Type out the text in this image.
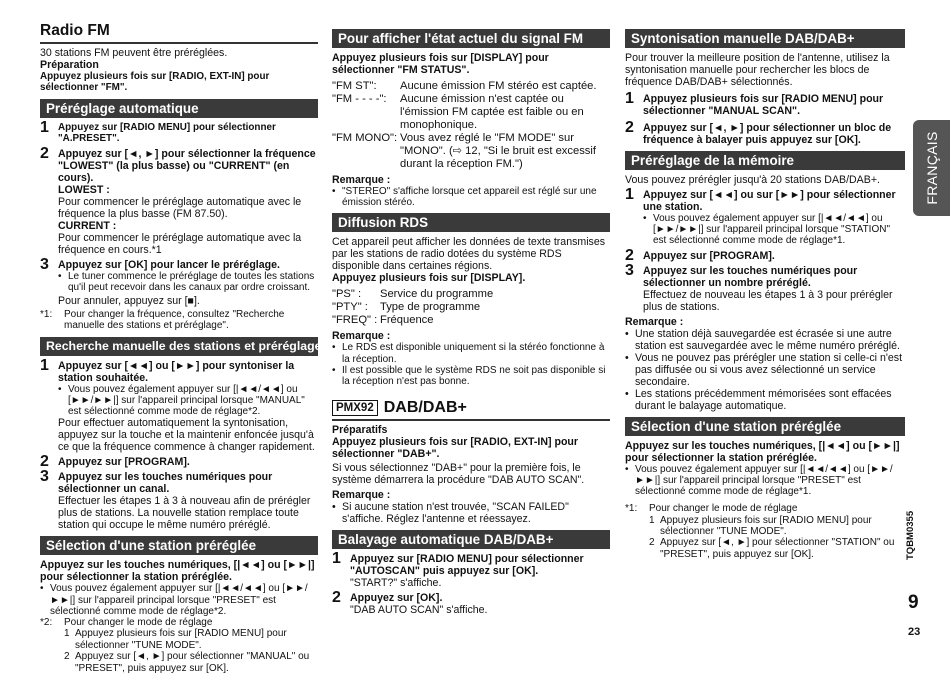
Radio FM

30 stations FM peuvent être préréglées.

Préparation

Appuyez plusieurs fois sur [RADIO, EXT-IN] pour sélectionner "FM".

Préréglage automatique
1 Appuyez sur [RADIO MENU] pour sélectionner "A.PRESET".

2 Appuyez sur [◄, ►] pour sélectionner la fréquence "LOWEST" (la plus basse) ou "CURRENT" (en cours).

LOWEST :

Pour commencer le préréglage automatique avec le fréquence la plus basse (FM 87.50).

CURRENT :

Pour commencer le préréglage automatique avec la fréquence en cours.*1

3 Appuyez sur [OK] pour lancer le préréglage.

• Le tuner commence le préréglage de toutes les stations qu'il peut recevoir dans les canaux par ordre croissant.

Pour annuler, appuyez sur [■].

*1: Pour changer la fréquence, consultez "Recherche manuelle des stations et préréglage".
Recherche manuelle des stations et préréglage
1 Appuyez sur [◄◄] ou [►►] pour syntoniser la station souhaitée.

• Vous pouvez également appuyer sur [|◄◄/◄◄] ou [►►/►►|] sur l'appareil principal lorsque "MANUAL" est sélectionné comme mode de réglage*2.

Pour effectuer automatiquement la syntonisation, appuyez sur la touche et la maintenir enfoncée jusqu'à ce que la fréquence commence à changer rapidement.

2 Appuyez sur [PROGRAM].

3 Appuyez sur les touches numériques pour sélectionner un canal.

Effectuer les étapes 1 à 3 à nouveau afin de prérégler plus de stations. La nouvelle station remplace toute station qui occupe le même numéro préréglé.

Sélection d'une station préréglée

Appuyez sur les touches numériques, [|◄◄] ou [►►|] pour sélectionner la station préréglée.

• Vous pouvez également appuyer sur [|◄◄/◄◄] ou [►►/►►|] sur l'appareil principal lorsque "PRESET" est sélectionné comme mode de réglage*2.
*2: Pour changer le mode de réglage
1 Appuyez plusieurs fois sur [RADIO MENU] pour sélectionner "TUNE MODE".
2 Appuyez sur [◄, ►] pour sélectionner "MANUAL" ou "PRESET", puis appuyez sur [OK].
Pour afficher l'état actuel du signal FM

Appuyez plusieurs fois sur [DISPLAY] pour sélectionner "FM STATUS".

"FM ST":	Aucune émission FM stéréo est captée.
"FM - - - -":	Aucune émission n'est captée ou l'émission FM captée est faible ou en monophonique.
"FM MONO": Vous avez réglé le "FM MODE" sur "MONO". (⇨ 12, "Si le bruit est excessif durant la réception FM.")

Remarque :

• "STEREO" s'affiche lorsque cet appareil est réglé sur une émission stéréo.
Diffusion RDS

Cet appareil peut afficher les données de texte transmises par les stations de radio dotées du système RDS disponible dans certaines régions.

Appuyez plusieurs fois sur [DISPLAY].

"PS" :	Service du programme
"PTY" :	Type de programme
"FREQ" : Fréquence

Remarque :

• Le RDS est disponible uniquement si la stéréo fonctionne à la réception.
• Il est possible que le système RDS ne soit pas disponible si la réception n'est pas bonne.
PMX92 DAB/DAB+

Préparatifs

Appuyez plusieurs fois sur [RADIO, EXT-IN] pour sélectionner "DAB+".

Si vous sélectionnez "DAB+" pour la première fois, le système démarrera la procédure "DAB AUTO SCAN".

Remarque :

• Si aucune station n'est trouvée, "SCAN FAILED" s'affiche. Réglez l'antenne et réessayez.
Balayage automatique DAB/DAB+
1 Appuyez sur [RADIO MENU] pour sélectionner "AUTOSCAN" puis appuyez sur [OK].

"START?" s'affiche.

2 Appuyez sur [OK].

"DAB AUTO SCAN" s'affiche.

Syntonisation manuelle DAB/DAB+

Pour trouver la meilleure position de l'antenne, utilisez la syntonisation manuelle pour rechercher les blocs de fréquence DAB/DAB+ sélectionnés.

1 Appuyez plusieurs fois sur [RADIO MENU] pour sélectionner "MANUAL SCAN".

2 Appuyez sur [◄, ►] pour sélectionner un bloc de fréquence à balayer puis appuyez sur [OK].

Préréglage de la mémoire

Vous pouvez prérégler jusqu'à 20 stations DAB/DAB+.

1 Appuyez sur [◄◄] ou sur [►►] pour sélectionner une station.

• Vous pouvez également appuyer sur [|◄◄/◄◄] ou [►►/►►|] sur l'appareil principal lorsque "STATION" est sélectionné comme mode de réglage*1.
2 Appuyez sur [PROGRAM].

3 Appuyez sur les touches numériques pour sélectionner un nombre préréglé.

Effectuez de nouveau les étapes 1 à 3 pour prérégler plus de stations.

Remarque :

• Une station déjà sauvegardée est écrasée si une autre station est sauvegardée avec le même numéro préréglé.
• Vous ne pouvez pas prérégler une station si celle-ci n'est pas diffusée ou si vous avez sélectionné un service secondaire.
• Les stations précédemment mémorisées sont effacées durant le balayage automatique.
Sélection d'une station préréglée

Appuyez sur les touches numériques, [|◄◄] ou [►►|] pour sélectionner la station préréglée.

• Vous pouvez également appuyer sur [|◄◄/◄◄] ou [►►/►►|] sur l'appareil principal lorsque "PRESET" est sélectionné comme mode de réglage*1.
*1: Pour changer le mode de réglage
1 Appuyez plusieurs fois sur [RADIO MENU] pour sélectionner "TUNE MODE".
2 Appuyez sur [◄, ►] pour sélectionner "STATION" ou "PRESET", puis appuyez sur [OK].
FRANÇAIS
TQBM0355
9
23
